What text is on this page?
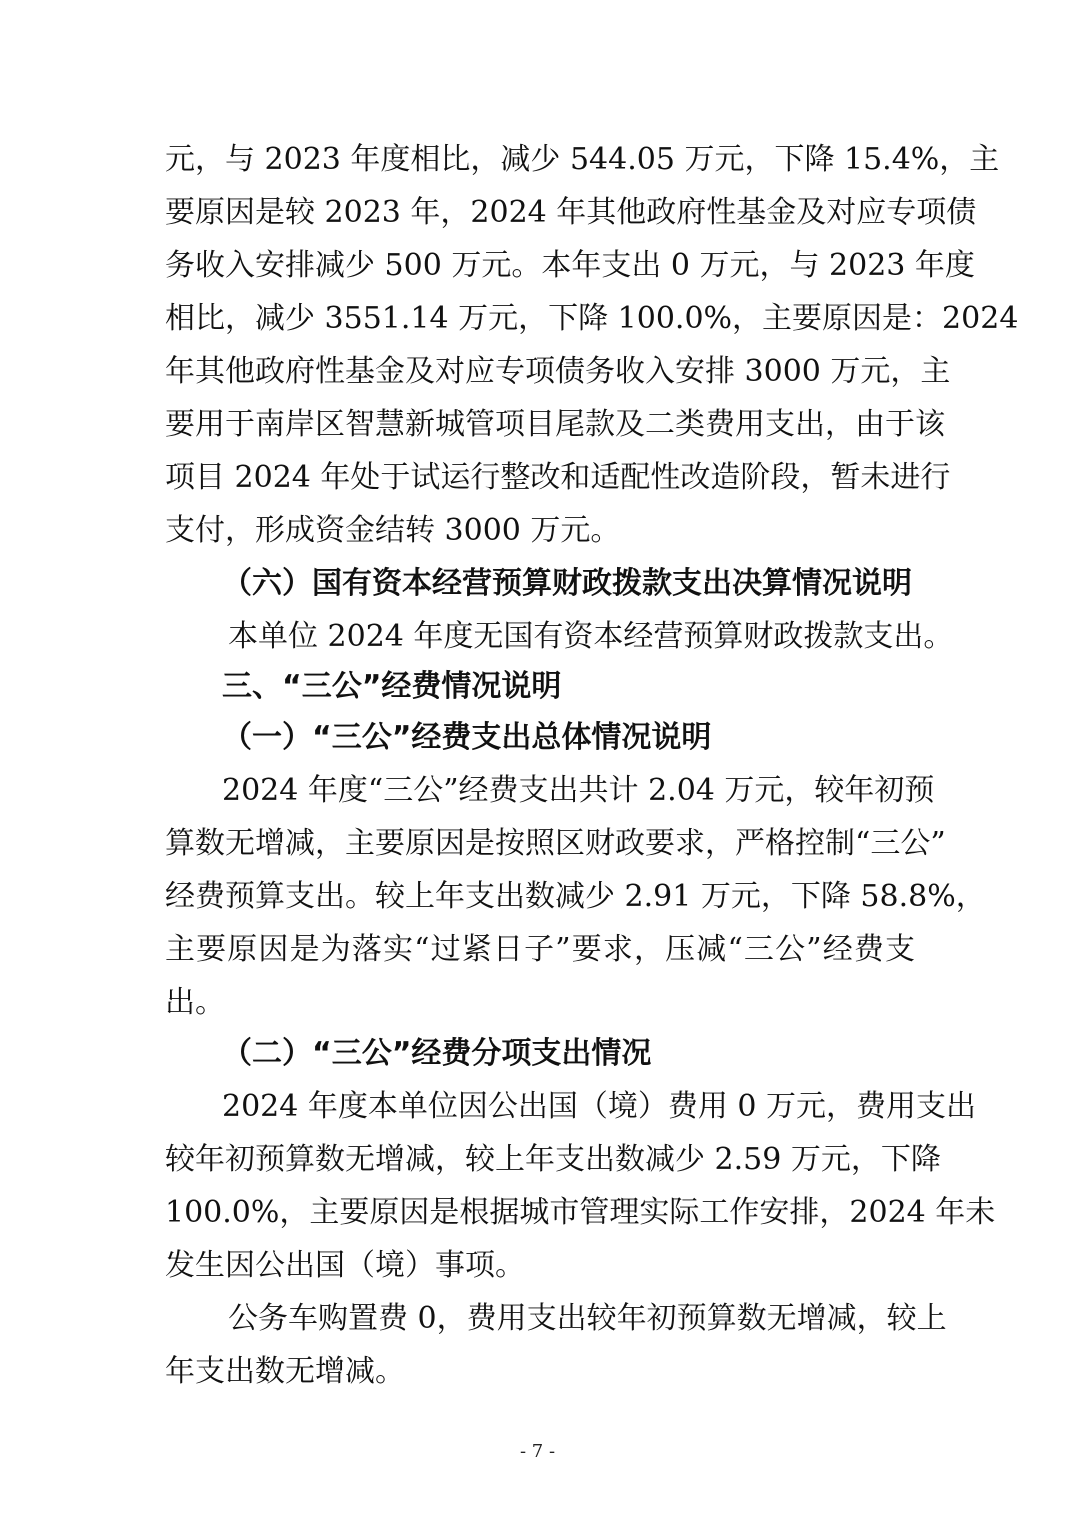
元，与 2023 年度相比，减少 544.05 万元，下降 15.4%，主
要原因是较 2023 年，2024 年其他政府性基金及对应专项债
务收入安排减少 500 万元。本年支出 0 万元，与 2023 年度
相比，减少 3551.14 万元，下降 100.0%，主要原因是：2024
年其他政府性基金及对应专项债务收入安排 3000 万元，主
要用于南岸区智慧新城管项目尾款及二类费用支出，由于该
项目 2024 年处于试运行整改和适配性改造阶段，暂未进行
支付，形成资金结转 3000 万元。
（六）国有资本经营预算财政拨款支出决算情况说明
本单位 2024 年度无国有资本经营预算财政拨款支出。
三、“三公”经费情况说明
（一）“三公”经费支出总体情况说明
2024 年度“三公”经费支出共计 2.04 万元，较年初预
算数无增减，主要原因是按照区财政要求，严格控制“三公”
经费预算支出。较上年支出数减少 2.91 万元，下降 58.8%，
主要原因是为落实“过紧日子”要求，压减“三公”经费支
出。
（二）“三公”经费分项支出情况
2024 年度本单位因公出国（境）费用 0 万元，费用支出
较年初预算数无增减，较上年支出数减少 2.59 万元，下降
100.0%，主要原因是根据城市管理实际工作安排，2024 年未
发生因公出国（境）事项。
公务车购置费 0，费用支出较年初预算数无增减，较上
年支出数无增减。
- 7 -
